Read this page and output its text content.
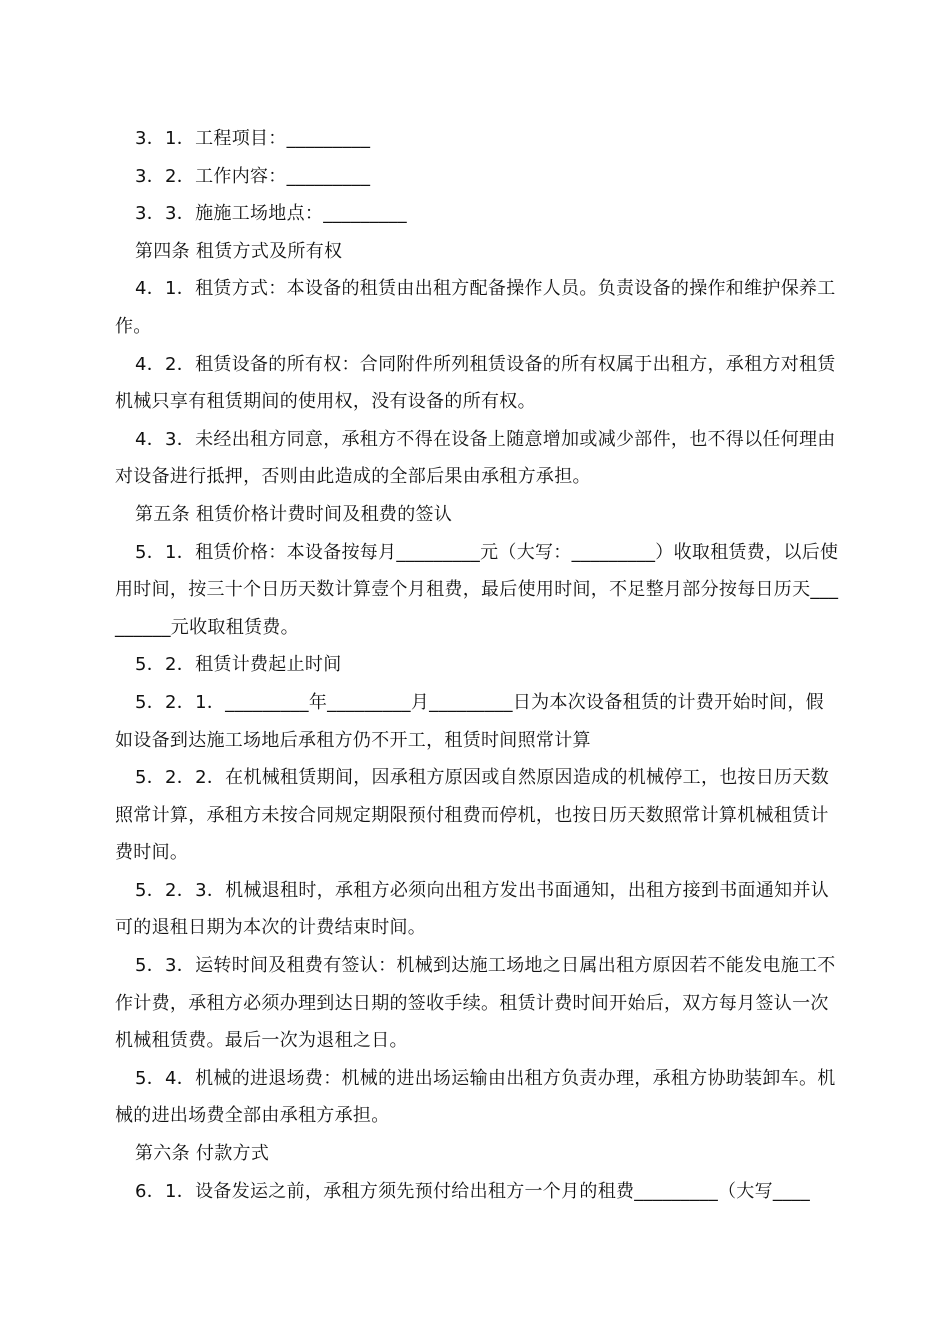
3．1．工程项目：_________

3．2．工作内容：_________

3．3．施施工场地点：_________

第四条 租赁方式及所有权

4．1．租赁方式：本设备的租赁由出租方配备操作人员。负责设备的操作和维护保养工作。

4．2．租赁设备的所有权：合同附件所列租赁设备的所有权属于出租方，承租方对租赁机械只享有租赁期间的使用权，没有设备的所有权。

4．3．未经出租方同意，承租方不得在设备上随意增加或减少部件，也不得以任何理由对设备进行抵押，否则由此造成的全部后果由承租方承担。

第五条 租赁价格计费时间及租费的签认

5．1．租赁价格：本设备按每月_________元（大写：_________）收取租赁费，以后使用时间，按三十个日历天数计算壹个月租费，最后使用时间，不足整月部分按每日历天_________元收取租赁费。

5．2．租赁计费起止时间

5．2．1．_________年_________月_________日为本次设备租赁的计费开始时间，假如设备到达施工场地后承租方仍不开工，租赁时间照常计算

5．2．2．在机械租赁期间，因承租方原因或自然原因造成的机械停工，也按日历天数照常计算，承租方未按合同规定期限预付租费而停机，也按日历天数照常计算机械租赁计费时间。

5．2．3．机械退租时，承租方必须向出租方发出书面通知，出租方接到书面通知并认可的退租日期为本次的计费结束时间。

5．3．运转时间及租费有签认：机械到达施工场地之日属出租方原因若不能发电施工不作计费，承租方必须办理到达日期的签收手续。租赁计费时间开始后，双方每月签认一次机械租赁费。最后一次为退租之日。

5．4．机械的进退场费：机械的进出场运输由出租方负责办理，承租方协助装卸车。机械的进出场费全部由承租方承担。

第六条 付款方式

6．1．设备发运之前，承租方须先预付给出租方一个月的租费_________（大写____
